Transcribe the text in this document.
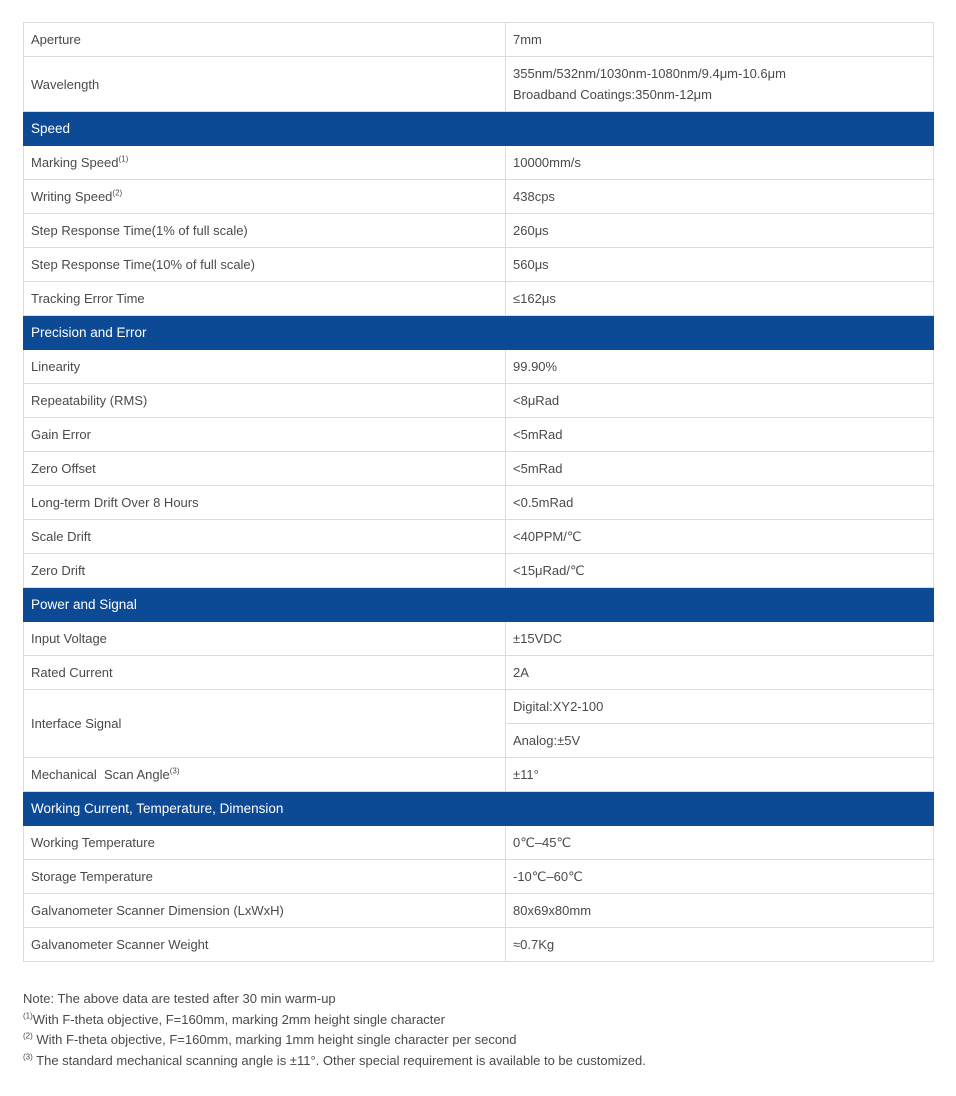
Aperture	7mm
Wavelength	355nm/532nm/1030nm-1080nm/9.4μm-10.6μm
Broadband Coatings:350nm-12μm

Speed	
Marking Speed$^{(1)}$	10000mm/s
Writing Speed$^{(2)}$	438cps
Step Response Time(1% of full scale)	260μs
Step Response Time(10% of full scale)	560μs
Tracking Error Time	≤162μs
Precision and Error	
Linearity	99.90%
Repeatability (RMS)	<8μRad
Gain Error	<5mRad
Zero Offset	<5mRad
Long-term Drift Over 8 Hours	<0.5mRad
Scale Drift	<40PPM/℃
Zero Drift	<15μRad/℃
Power and Signal	
Input Voltage	±15VDC
Rated Current	2A
Interface Signal	Digital:XY2-100
	Analog:±5V
Mechanical  Scan Angle$^{(3)}$	±11°
Working Current, Temperature, Dimension	
Working Temperature	0℃–45℃
Storage Temperature	-10℃–60℃
Galvanometer Scanner Dimension (LxWxH)	80x69x80mm
Galvanometer Scanner Weight	≈0.7Kg
Note: The above data are tested after 30 min warm-up
$^{(1)}$With F-theta objective, F=160mm, marking 2mm height single character
$^{(2)}$ With F-theta objective, F=160mm, marking 1mm height single character per second
$^{(3)}$ The standard mechanical scanning angle is ±11°. Other special requirement is available to be customized.
